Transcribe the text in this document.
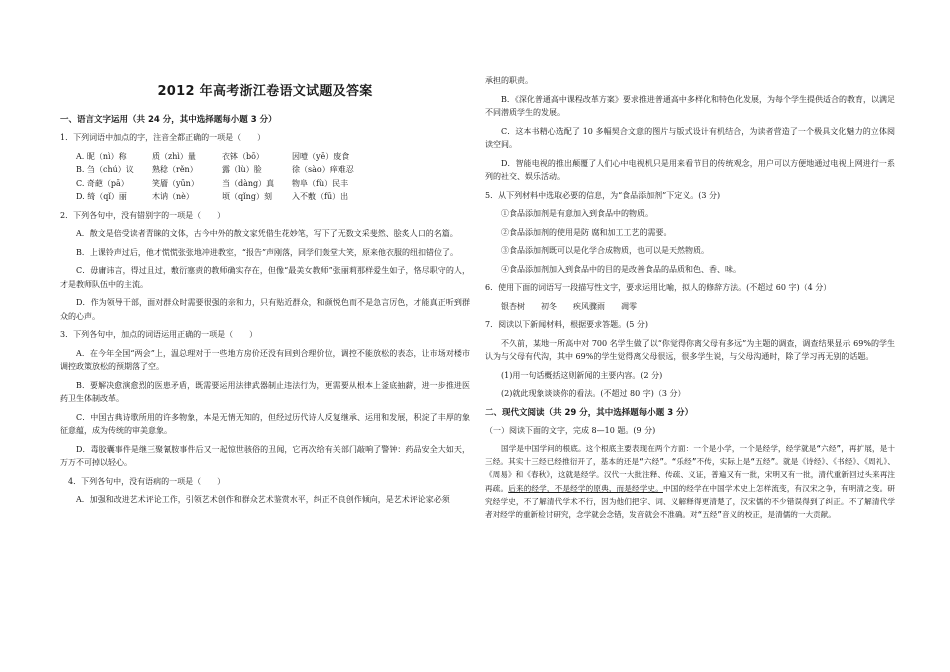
2012 年高考浙江卷语文试题及答案

一、语言文字运用（共 24 分，其中选择题每小题 3 分）

1．下列词语中加点的字，注音全都正确的一项是（　　）

A. 昵（nì）称	质（zhì）量	衣钵（bō）	因噎（yē）废食
B. 刍（chú）议 熟稔（rěn）	露（lù）脸	徐（sào）痒难忍
C. 奇葩（pā）	笑靥（yūn）	当（dàng）真 物阜（fù）民丰
D. 绮（qǐ）丽	木讷（nè）	顷（qǐng）刻	入不敷（fū）出

2．下列各句中，没有错别字的一项是（　　）

A．散文是倍受读者青睐的文体，古今中外的散文家凭借生花妙笔，写下了无数文采斐然、脍炙人口的名篇。

B．上课铃声过后，他才慌慌张张地冲进教室，“报告”声刚落，同学们轰堂大笑，原来他衣服的纽扣错位了。

C．毋庸讳言，得过且过，敷衍塞责的教师确实存在，但像“最美女教师”张丽莉那样爱生如子，恪尽职守的人，才是教师队伍中的主流。

D．作为领导干部，面对群众时需要很强的亲和力，只有贴近群众，和颜悦色而不是急言厉色，才能真正听到群众的心声。

3．下列各句中，加点的词语运用正确的一项是（　　）

A．在今年全国“两会”上，温总理对于一些地方房价还没有回到合理价位，调控不能放松的表态，让市场对楼市调控政策放松的预期落了空。

B．要解决愈演愈烈的医患矛盾，既需要运用法律武器制止违法行为，更需要从根本上釜底抽薪，进一步推进医药卫生体制改革。

C．中国古典诗歌所用的许多物象，本是无情无知的，但经过历代诗人反复继承、运用和发展，积淀了丰厚的象征意蕴，成为传统的审美意象。

D．毒胶囊事件是继三聚氰胺事件后又一起惊世骇俗的丑闻，它再次给有关部门敲响了警钟：药品安全大如天，万万不可掉以轻心。

4．下列各句中，没有语病的一项是（　　）

A．加强和改进艺术评论工作，引领艺术创作和群众艺术鉴赏水平，纠正不良创作倾向，是艺术评论家必须

承担的职责。

B．《深化普通高中课程改革方案》要求推进普通高中多样化和特色化发展，为每个学生提供适合的教育，以满足不同潜质学生的发展。

C．这本书精心选配了 10 多幅契合文意的图片与版式设计有机结合，为读者营造了一个极具文化魅力的立体阅读空间。

D．智能电视的推出颠覆了人们心中电视机只是用来看节目的传统观念，用户可以方便地通过电视上网进行一系列的社交、娱乐活动。

5．从下列材料中选取必要的信息，为“食品添加剂”下定义。(3 分)

①食品添加剂是有意加入到食品中的物质。

②食品添加剂的使用是防 腐和加工工艺的需要。

③食品添加剂既可以是化学合成物质，也可以是天然物质。

④食品添加剂加入到食品中的目的是改善食品的品质和色、香、味。

6．使用下面的词语写一段描写性文字，要求运用比喻，拟人的修辞方法。(不超过 60 字)（4 分）

银杏树 初冬 疾风骤雨 凋零

7．阅读以下新闻材料，根据要求答题。(5 分)

不久前，某地一所高中对 700 名学生做了以“你觉得你离父母有多远”为主题的调查，调查结果显示 69%的学生认为与父母有代沟，其中 69%的学生觉得离父母很远，很多学生说，与父母沟通时，除了学习再无别的话题。

(1)用一句话概括这则新闻的主要内容。(2 分)

(2)就此现象谈谈你的看法。(不超过 80 字)（3 分）

二、现代文阅读（共 29 分，其中选择题每小题 3 分）

（一）阅读下面的文字，完成 8—10 题。(9 分)

国学是中国学问的根底。这个根底主要表现在两个方面：一个是小学，一个是经学，经学就是“六经”，再扩展，是十三经。其实十三经已经推衍开了，基本的还是“六经”。“乐经”不传，实际上是“五经”。就是《诗经》、《书经》、《周礼》、《周易》和《春秋》，这就是经学。汉代一大批注释、传疏、义证，普遍又有一批，宋明又有一批，清代重新回过头来再注再疏。后来的经学，不是经学的原典，而是经学史。中国的经学在中国学术史上怎样流变，有汉宋之争，有明清之变。研究经学史，不了解清代学术不行，因为他们把字、词、义解释得更清楚了，汉宋儒的不少错误得到了纠正。不了解清代学者对经学的重新检讨研究，念学就会念错，发音就会不准确。对“五经”音义的校正，是清儒的一大贡献。
